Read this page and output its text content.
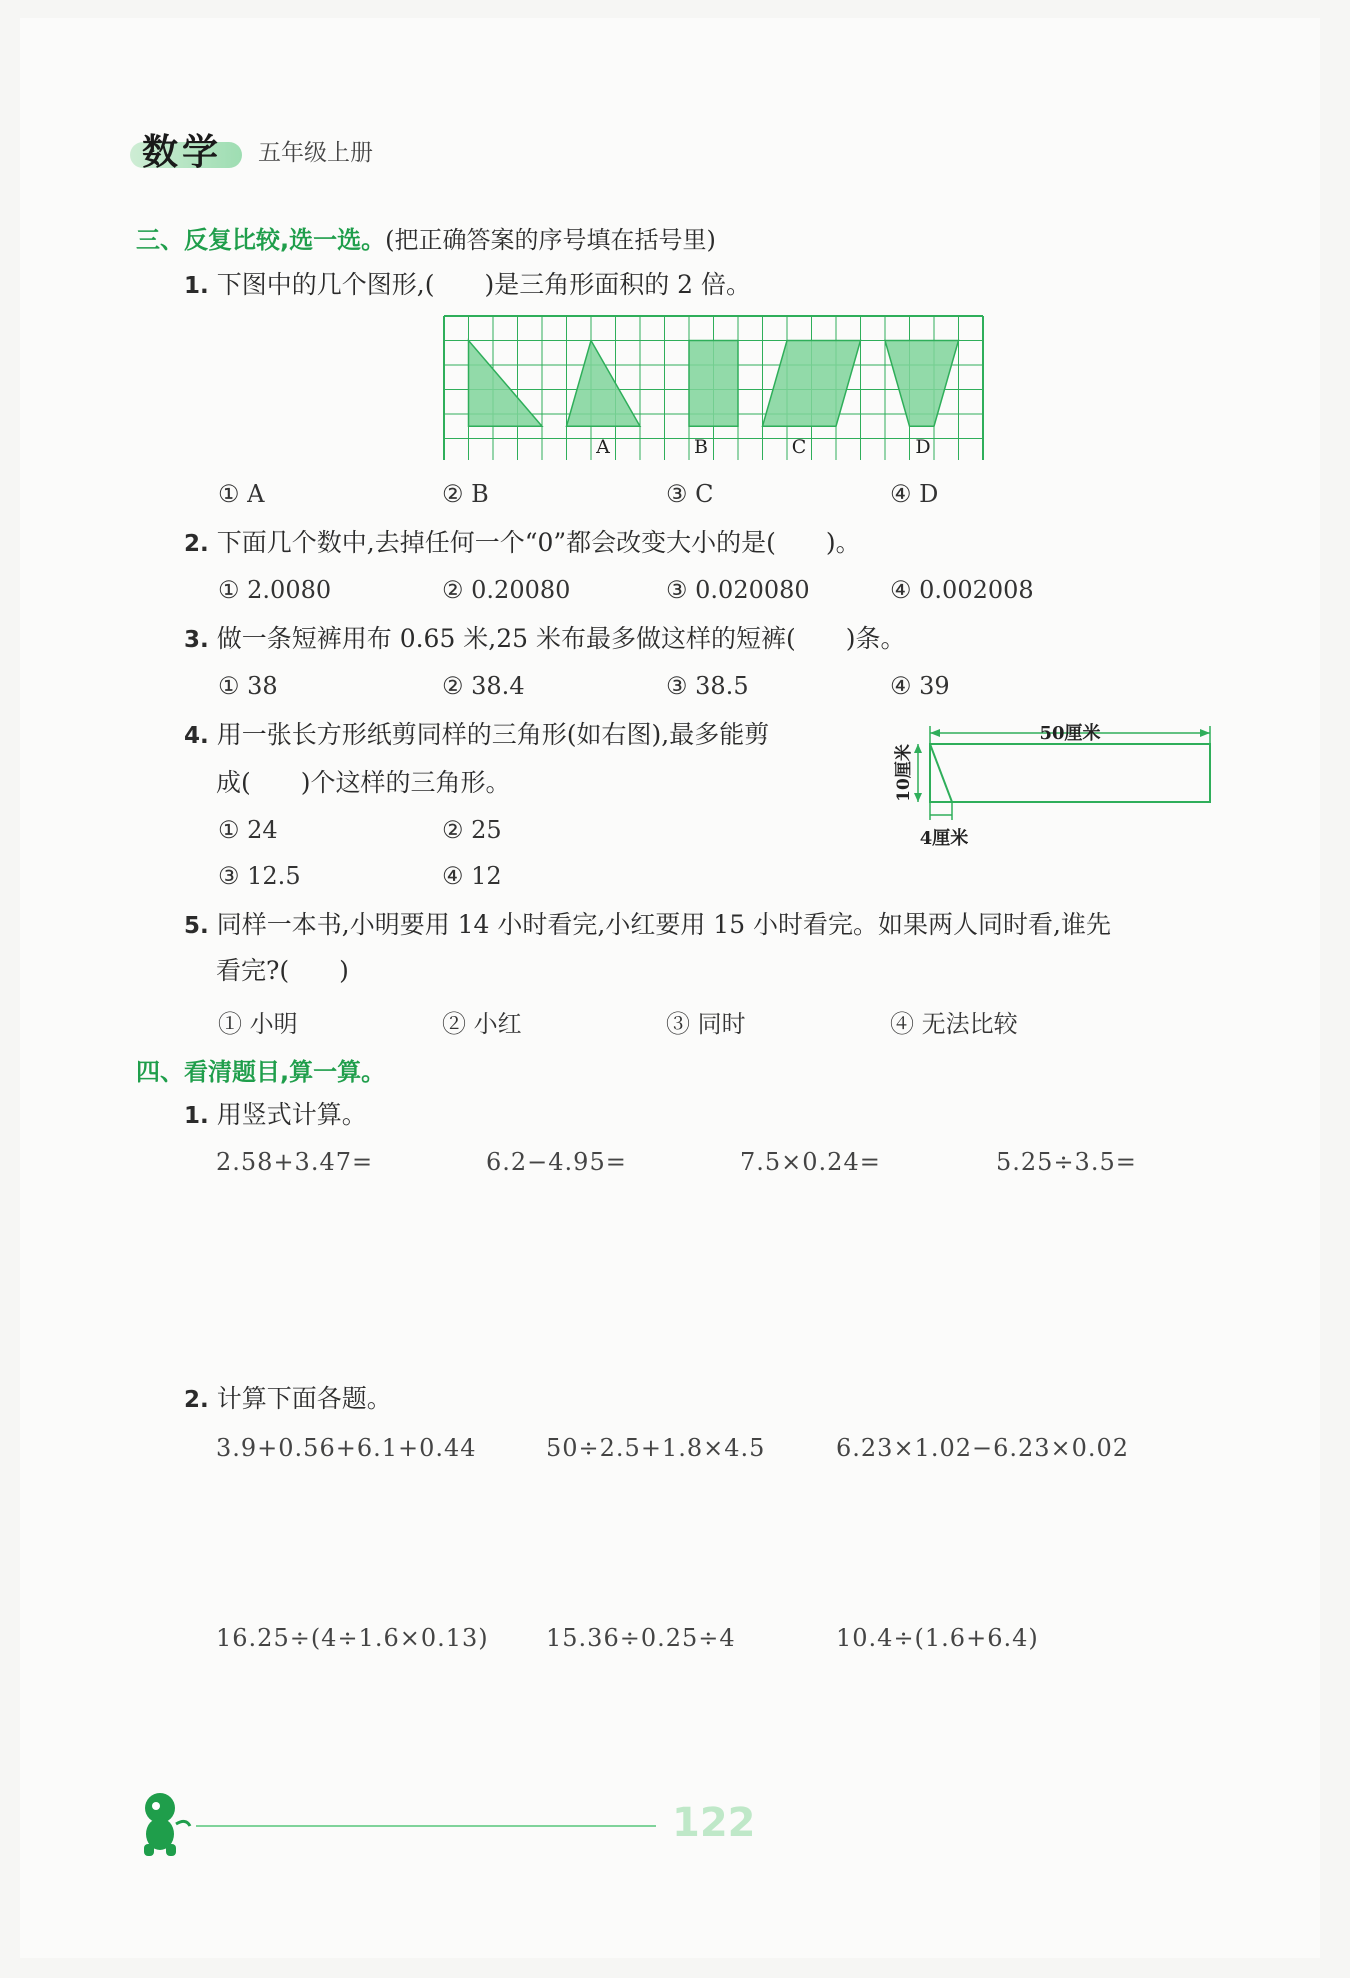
数学 五年级上册
三、反复比较,选一选。(把正确答案的序号填在括号里)
1. 下图中的几个图形,(　　)是三角形面积的 2 倍。
A	B	C	D
① A	② B	③ C	④ D
2. 下面几个数中,去掉任何一个“0”都会改变大小的是(　　)。
① 2.0080	② 0.20080	③ 0.020080	④ 0.002008
3. 做一条短裤用布 0.65 米,25 米布最多做这样的短裤(　　)条。
① 38	② 38.4	③ 38.5	④ 39
4. 用一张长方形纸剪同样的三角形(如右图),最多能剪
成(　　)个这样的三角形。
50厘米
10厘米
4厘米
① 24	② 25
③ 12.5	④ 12
5. 同样一本书,小明要用 14 小时看完,小红要用 15 小时看完。如果两人同时看,谁先
看完?(　　)
① 小明	② 小红	③ 同时	④ 无法比较
四、看清题目,算一算。
1. 用竖式计算。
2.58+3.47=	6.2−4.95=	7.5×0.24=	5.25÷3.5=
2. 计算下面各题。
3.9+0.56+6.1+0.44	50÷2.5+1.8×4.5	6.23×1.02−6.23×0.02
16.25÷(4÷1.6×0.13) 15.36÷0.25÷4	10.4÷(1.6+6.4)
122
